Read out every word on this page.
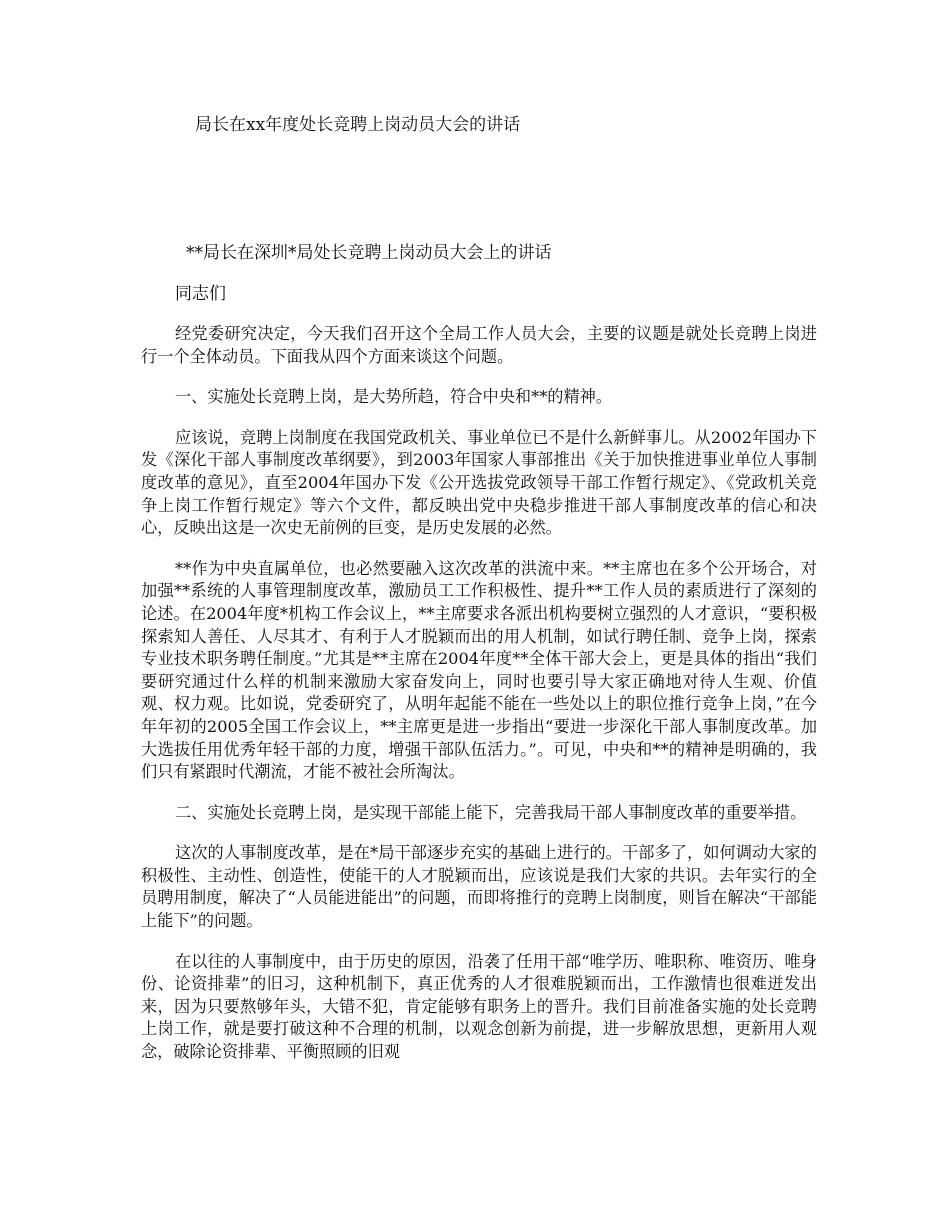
局长在xx年度处长竞聘上岗动员大会的讲话
**局长在深圳*局处长竞聘上岗动员大会上的讲话

同志们

经党委研究决定，今天我们召开这个全局工作人员大会，主要的议题是就处长竞聘上岗进行一个全体动员。下面我从四个方面来谈这个问题。

一、实施处长竞聘上岗，是大势所趋，符合中央和**的精神。

应该说，竞聘上岗制度在我国党政机关、事业单位已不是什么新鲜事儿。从2002年国办下发《深化干部人事制度改革纲要》，到2003年国家人事部推出《关于加快推进事业单位人事制度改革的意见》，直至2004年国办下发《公开选拔党政领导干部工作暂行规定》、《党政机关竞争上岗工作暂行规定》等六个文件，都反映出党中央稳步推进干部人事制度改革的信心和决心，反映出这是一次史无前例的巨变，是历史发展的必然。

**作为中央直属单位，也必然要融入这次改革的洪流中来。**主席也在多个公开场合，对加强**系统的人事管理制度改革，激励员工工作积极性、提升**工作人员的素质进行了深刻的论述。在2004年度*机构工作会议上，**主席要求各派出机构要树立强烈的人才意识，“要积极探索知人善任、人尽其才、有利于人才脱颖而出的用人机制，如试行聘任制、竞争上岗，探索专业技术职务聘任制度。”尤其是**主席在2004年度**全体干部大会上，更是具体的指出“我们要研究通过什么样的机制来激励大家奋发向上，同时也要引导大家正确地对待人生观、价值观、权力观。比如说，党委研究了，从明年起能不能在一些处以上的职位推行竞争上岗，”在今年年初的2005全国工作会议上，**主席更是进一步指出“要进一步深化干部人事制度改革。加大选拔任用优秀年轻干部的力度，增强干部队伍活力。”。可见，中央和**的精神是明确的，我们只有紧跟时代潮流，才能不被社会所淘汰。

二、实施处长竞聘上岗，是实现干部能上能下，完善我局干部人事制度改革的重要举措。

这次的人事制度改革，是在*局干部逐步充实的基础上进行的。干部多了，如何调动大家的积极性、主动性、创造性，使能干的人才脱颖而出，应该说是我们大家的共识。去年实行的全员聘用制度，解决了“人员能进能出”的问题，而即将推行的竞聘上岗制度，则旨在解决“干部能上能下”的问题。

在以往的人事制度中，由于历史的原因，沿袭了任用干部“唯学历、唯职称、唯资历、唯身份、论资排辈”的旧习，这种机制下，真正优秀的人才很难脱颖而出，工作激情也很难迸发出来，因为只要熬够年头，大错不犯，肯定能够有职务上的晋升。我们目前准备实施的处长竞聘上岗工作，就是要打破这种不合理的机制，以观念创新为前提，进一步解放思想，更新用人观念，破除论资排辈、平衡照顾的旧观
